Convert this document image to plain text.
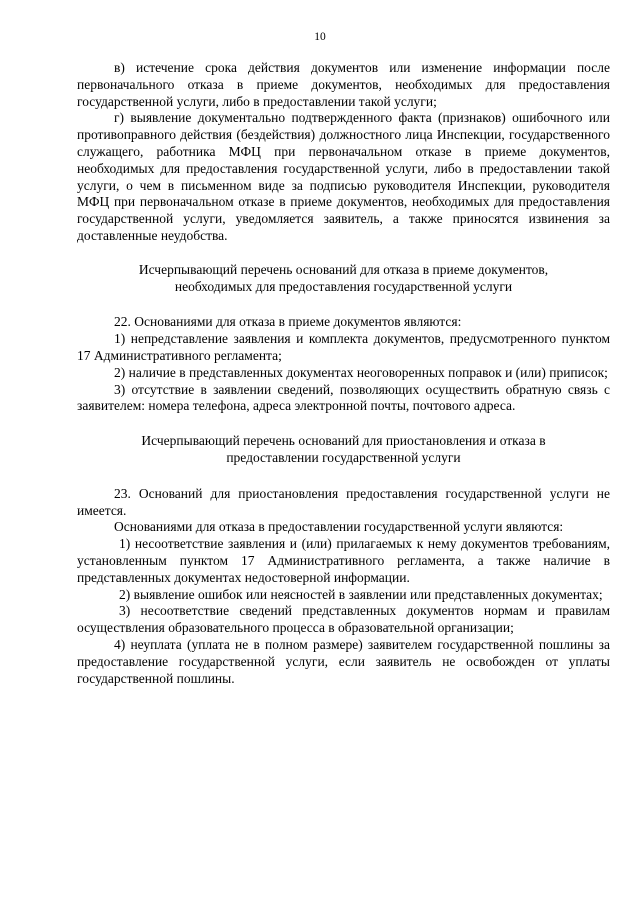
10

в) истечение срока действия документов или изменение информации после первоначального отказа в приеме документов, необходимых для предоставления государственной услуги, либо в предоставлении такой услуги;

г) выявление документально подтвержденного факта (признаков) ошибочного или противоправного действия (бездействия) должностного лица Инспекции, государственного служащего, работника МФЦ при первоначальном отказе в приеме документов, необходимых для предоставления государственной услуги, либо в предоставлении такой услуги, о чем в письменном виде за подписью руководителя Инспекции, руководителя МФЦ при первоначальном отказе в приеме документов, необходимых для предоставления государственной услуги, уведомляется заявитель, а также приносятся извинения за доставленные неудобства.

Исчерпывающий перечень оснований для отказа в приеме документов, необходимых для предоставления государственной услуги

22. Основаниями для отказа в приеме документов являются:

1) непредставление заявления и комплекта документов, предусмотренного пунктом 17 Административного регламента;

2) наличие в представленных документах неоговоренных поправок и (или) приписок;

3) отсутствие в заявлении сведений, позволяющих осуществить обратную связь с заявителем: номера телефона, адреса электронной почты, почтового адреса.

Исчерпывающий перечень оснований для приостановления и отказа в предоставлении государственной услуги

23. Оснований для приостановления предоставления государственной услуги не имеется.

Основаниями для отказа в предоставлении государственной услуги являются:

1) несоответствие заявления и (или) прилагаемых к нему документов требованиям, установленным пунктом 17 Административного регламента, а также наличие в представленных документах недостоверной информации.

2) выявление ошибок или неясностей в заявлении или представленных документах;

3) несоответствие сведений представленных документов нормам и правилам осуществления образовательного процесса в образовательной организации;

4) неуплата (уплата не в полном размере) заявителем государственной пошлины за предоставление государственной услуги, если заявитель не освобожден от уплаты государственной пошлины.
